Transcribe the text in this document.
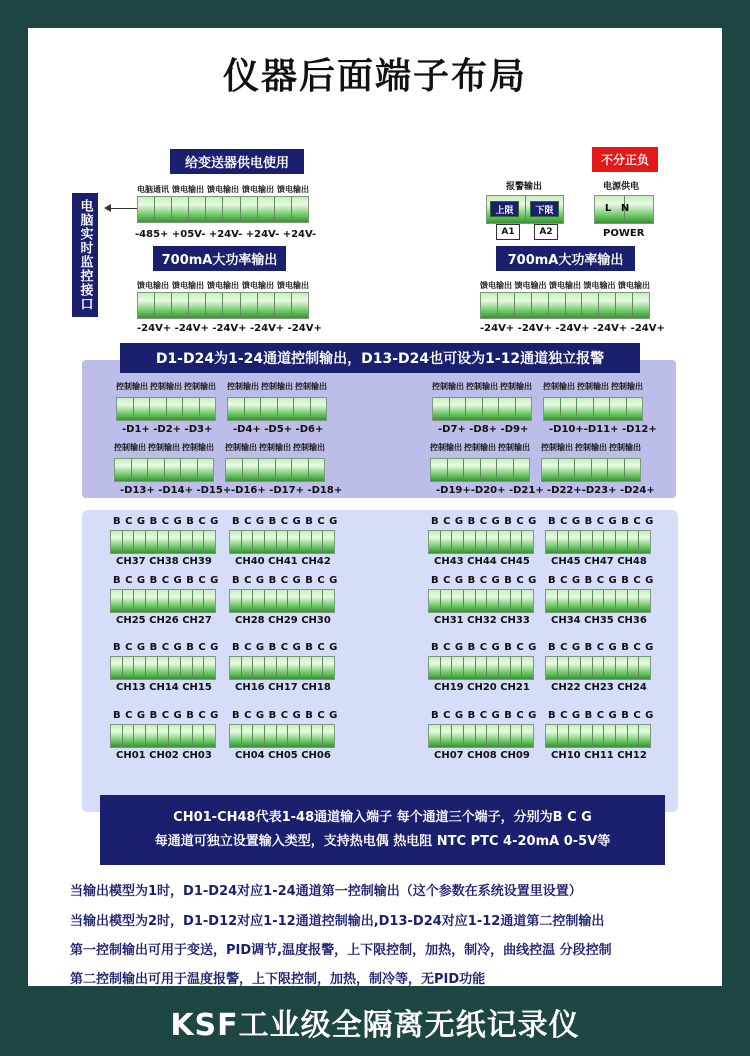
仪器后面端子布局
给变送器供电使用
电脑实时监控接口
电脑通讯 馈电输出 馈电输出 馈电输出 馈电输出
-485+ +05V- +24V- +24V- +24V-
700mA大功率输出
馈电输出 馈电输出 馈电输出 馈电输出 馈电输出
-24V+ -24V+ -24V+ -24V+ -24V+
不分正负
报警输出
上限	下限
A1	A2
电源供电
L N
POWER
700mA大功率输出
馈电输出 馈电输出 馈电输出 馈电输出 馈电输出
-24V+ -24V+ -24V+ -24V+ -24V+
D1-D24为1-24通道控制输出，D13-D24也可设为1-12通道独立报警
控制输出 控制输出 控制输出
-D1+ -D2+ -D3+
控制输出 控制输出 控制输出
-D4+ -D5+ -D6+
控制输出 控制输出 控制输出
-D7+ -D8+ -D9+
控制输出 控制输出 控制输出
-D10+-D11+ -D12+
控制输出 控制输出 控制输出
-D13+ -D14+ -D15+
控制输出 控制输出 控制输出
-D16+ -D17+ -D18+
控制输出 控制输出 控制输出
-D19+-D20+ -D21+
控制输出 控制输出 控制输出
-D22+-D23+ -D24+
B C G B C G B C G
CH37 CH38 CH39
B C G B C G B C G
CH40 CH41 CH42
B C G B C G B C G
CH43 CH44 CH45
B C G B C G B C G
CH45 CH47 CH48
B C G B C G B C G
CH25 CH26 CH27
B C G B C G B C G
CH28 CH29 CH30
B C G B C G B C G
CH31 CH32 CH33
B C G B C G B C G
CH34 CH35 CH36
B C G B C G B C G
CH13 CH14 CH15
B C G B C G B C G
CH16 CH17 CH18
B C G B C G B C G
CH19 CH20 CH21
B C G B C G B C G
CH22 CH23 CH24
B C G B C G B C G
CH01 CH02 CH03
B C G B C G B C G
CH04 CH05 CH06
B C G B C G B C G
CH07 CH08 CH09
B C G B C G B C G
CH10 CH11 CH12
CH01-CH48代表1-48通道输入端子 每个通道三个端子，分别为B C G
每通道可独立设置输入类型，支持热电偶 热电阻 NTC PTC 4-20mA 0-5V等
当输出模型为1时，D1-D24对应1-24通道第一控制输出（这个参数在系统设置里设置）
当输出模型为2时，D1-D12对应1-12通道控制输出,D13-D24对应1-12通道第二控制输出
第一控制输出可用于变送，PID调节,温度报警，上下限控制，加热，制冷，曲线控温 分段控制
第二控制输出可用于温度报警，上下限控制，加热，制冷等，无PID功能
KSF工业级全隔离无纸记录仪
